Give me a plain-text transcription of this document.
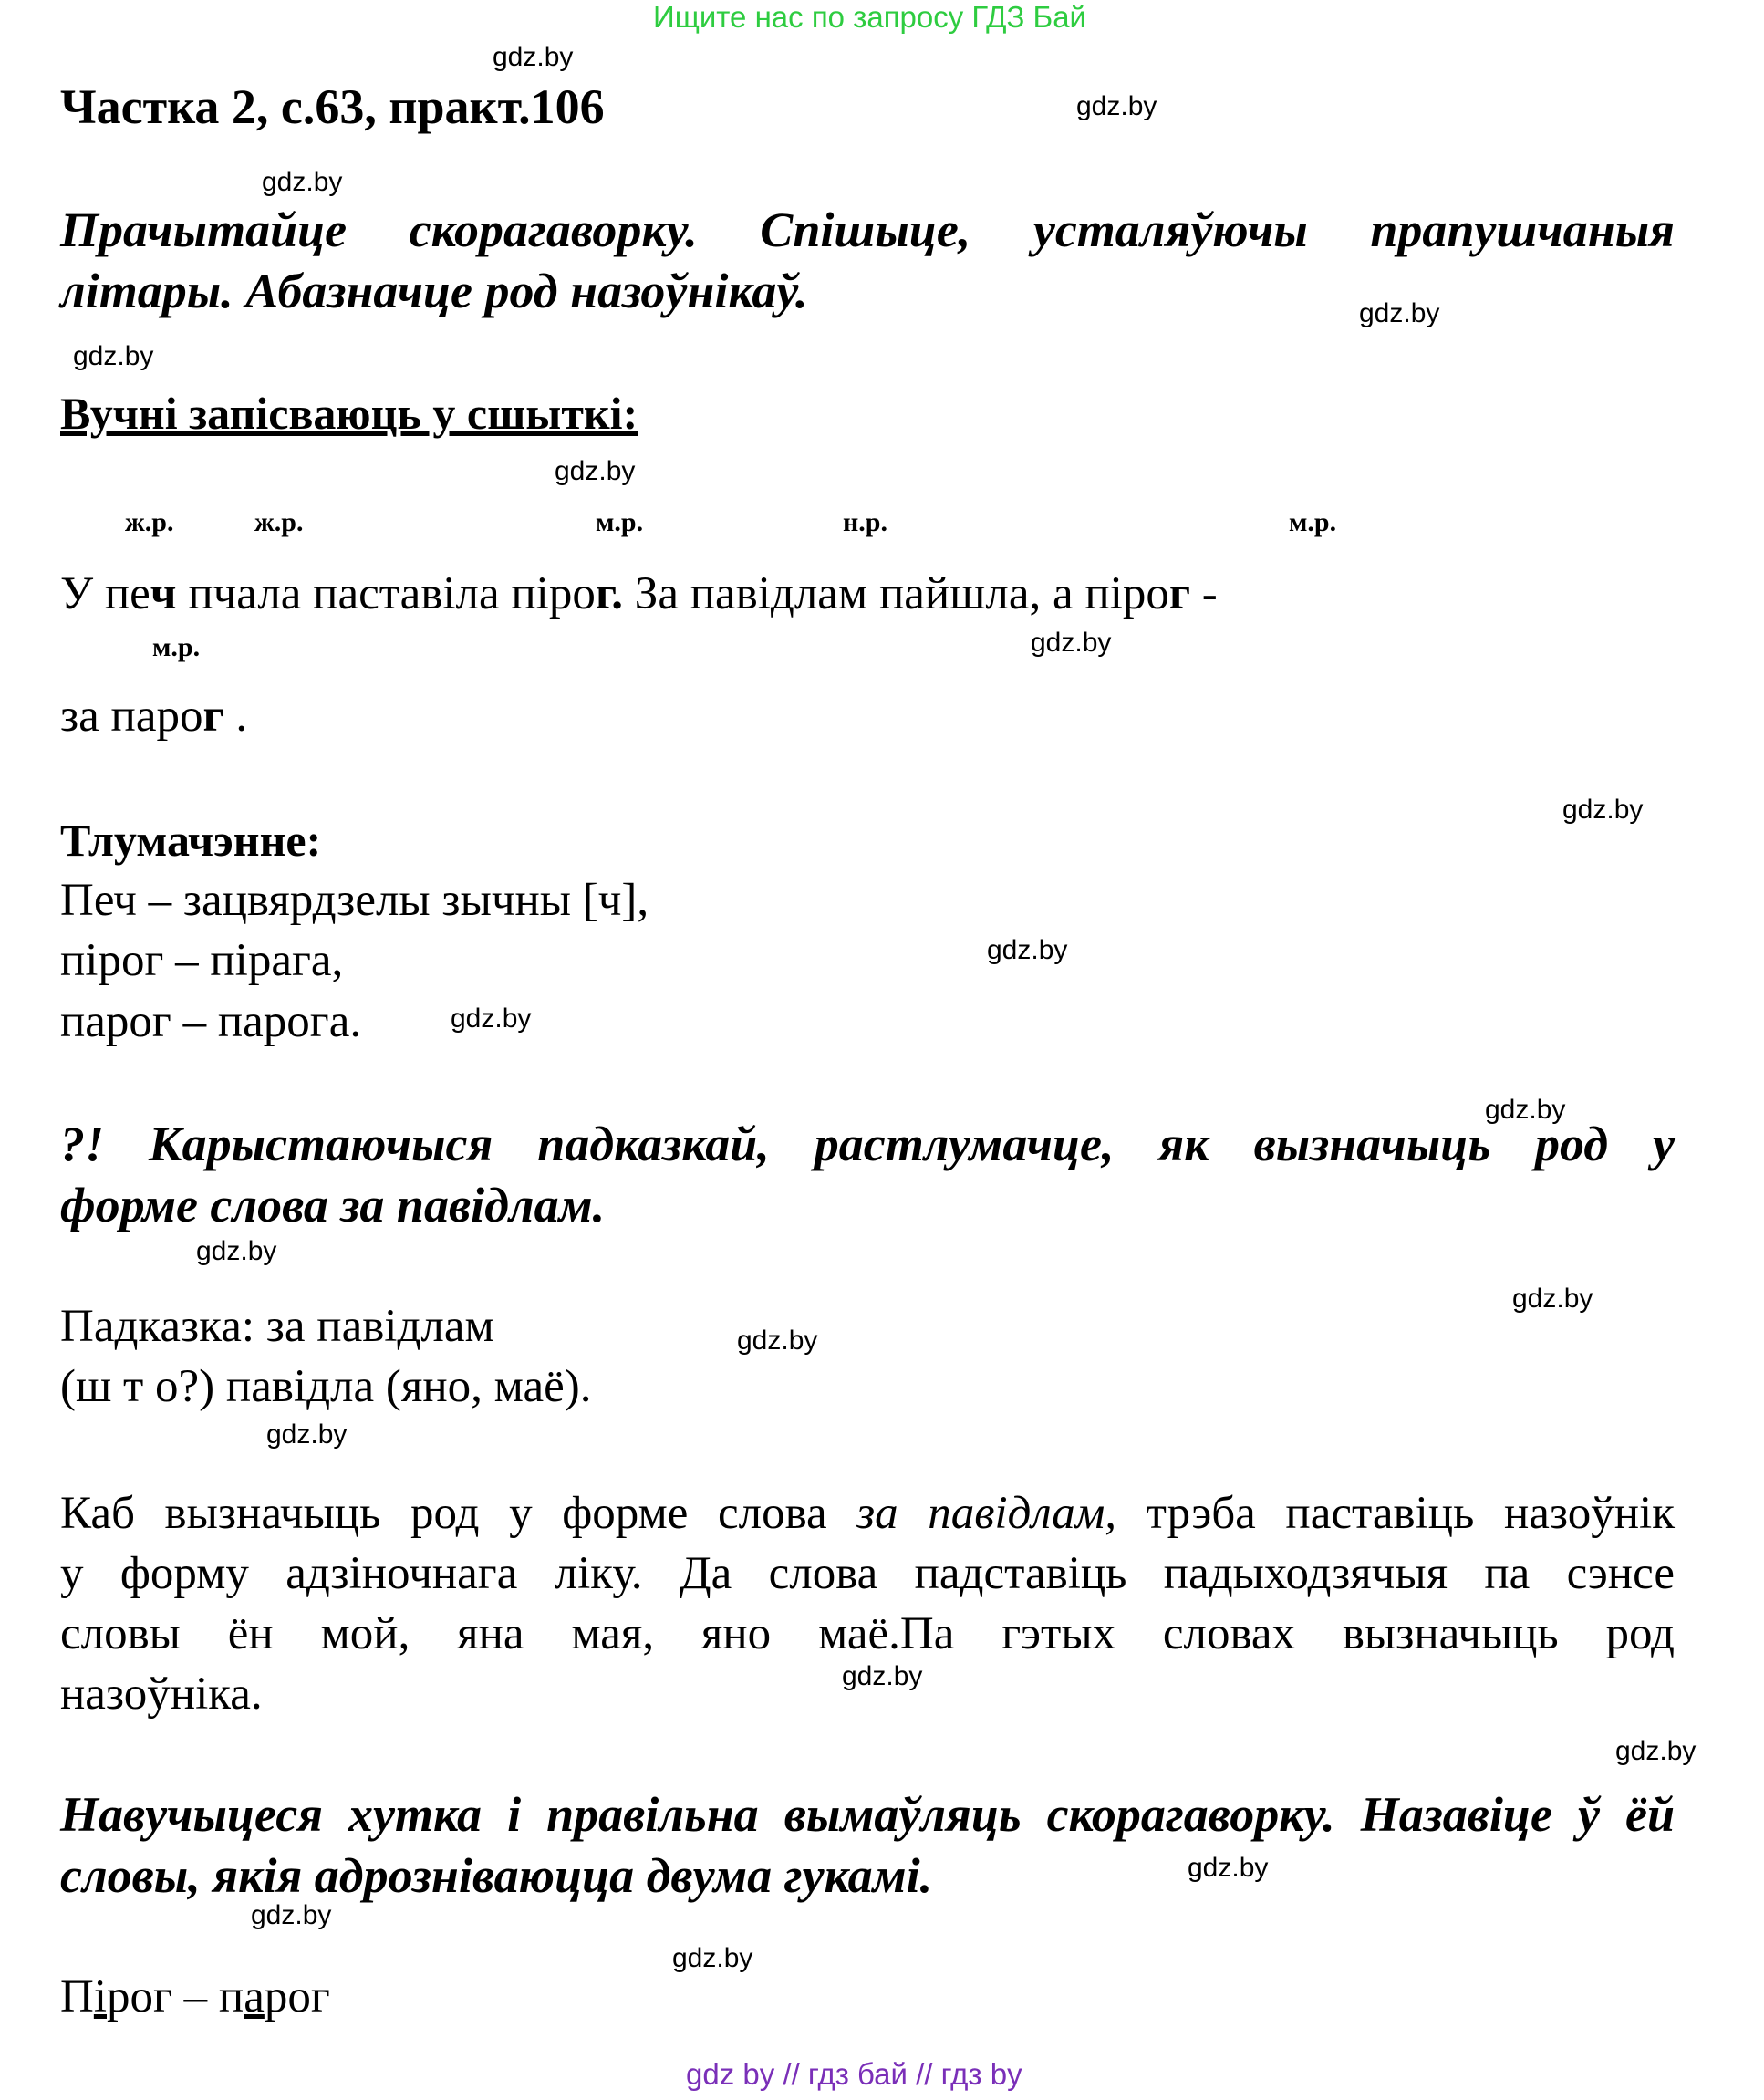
Ищите нас по запросу ГДЗ Бай
gdz.by
gdz.by
gdz.by
gdz.by
gdz.by
gdz.by
gdz.by
gdz.by
gdz.by
gdz.by
gdz.by
gdz.by
gdz.by
gdz.by
gdz.by
gdz.by
gdz.by
gdz.by
gdz.by
gdz.by
Частка 2, с.63, практ.106
Прачытайце скорагаворку. Спішыце, усталяўючы прапушчаныя
літары. Абазначце род назоўнікаў.
Вучні запісваюць у сшыткі:
ж.р.	ж.р.	м.р.	н.р.	м.р.
У печ пчала паставіла пірог. За павідлам пайшла, а пірог -
м.р.
за парог .
Тлумачэнне:
Печ – зацвярдзелы зычны [ч],
пірог – пірага,
парог – парога.
?! Карыстаючыся падказкай, растлумачце, як вызначыць род у
форме слова за павідлам.
Падказка: за павідлам
(ш т о?) павідла (яно, маё).
Каб вызначыць род у форме слова за павідлам, трэба паставіць назоўнік
у форму адзіночнага ліку. Да слова падставіць падыходзячыя па сэнсе
словы ён мой, яна мая, яно маё.Па гэтых словах вызначыць род
назоўніка.
Навучыцеся хутка і правільна вымаўляць скорагаворку. Назавіце ў ёй
словы, якія адрозніваюцца двума гукамі.
Пірог – парог
gdz by // гдз бай // гдз by
